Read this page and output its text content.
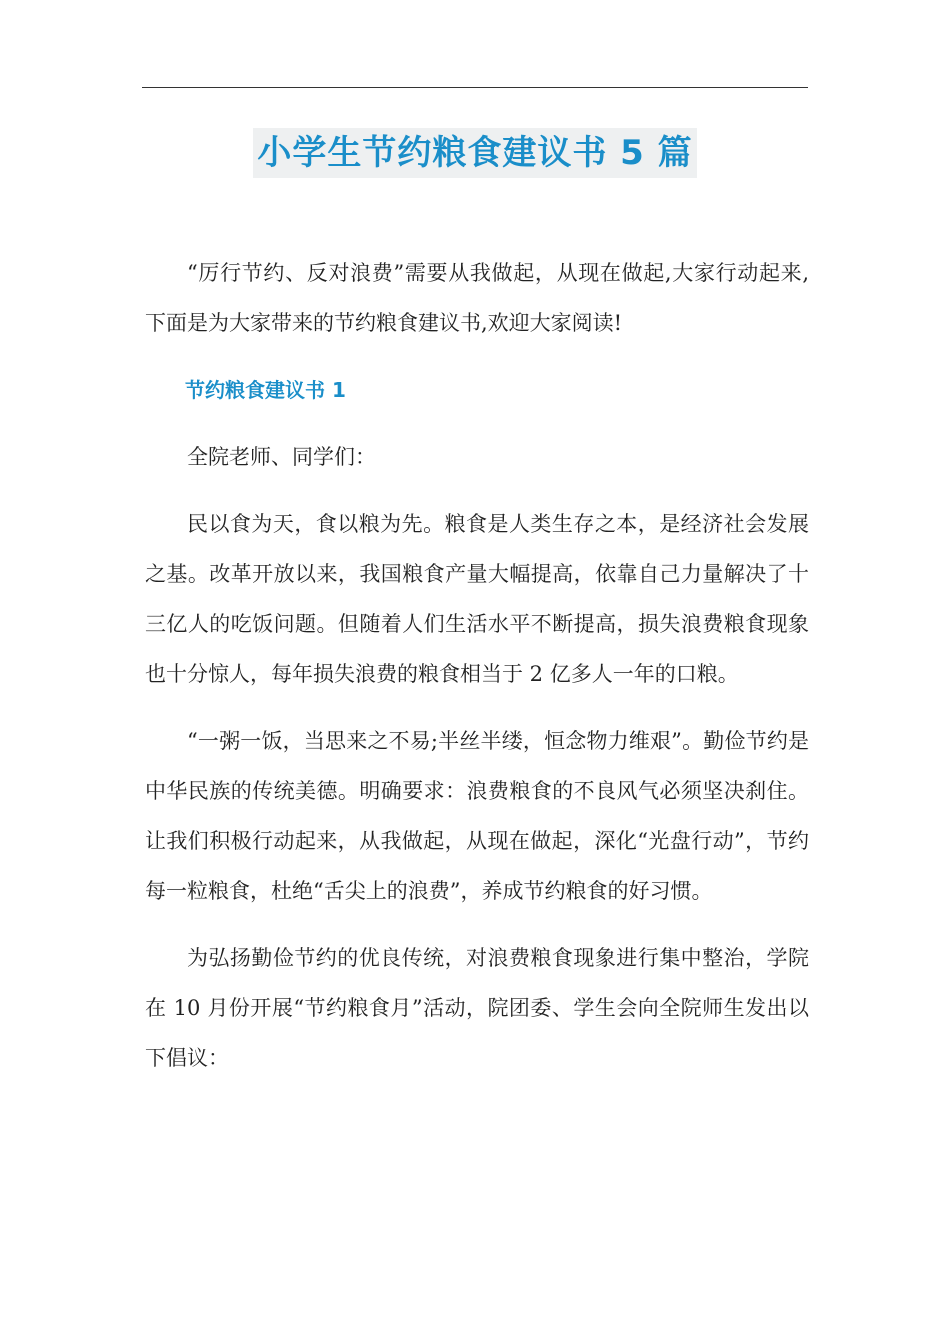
小学生节约粮食建议书 5 篇

“厉行节约、反对浪费”需要从我做起，从现在做起,大家行动起来,下面是为大家带来的节约粮食建议书,欢迎大家阅读!

节约粮食建议书 1

全院老师、同学们：

民以食为天，食以粮为先。粮食是人类生存之本，是经济社会发展之基。改革开放以来，我国粮食产量大幅提高，依靠自己力量解决了十三亿人的吃饭问题。但随着人们生活水平不断提高，损失浪费粮食现象也十分惊人，每年损失浪费的粮食相当于 2 亿多人一年的口粮。

“一粥一饭，当思来之不易;半丝半缕，恒念物力维艰”。勤俭节约是中华民族的传统美德。明确要求：浪费粮食的不良风气必须坚决刹住。让我们积极行动起来，从我做起，从现在做起，深化“光盘行动”，节约每一粒粮食，杜绝“舌尖上的浪费”，养成节约粮食的好习惯。

为弘扬勤俭节约的优良传统，对浪费粮食现象进行集中整治，学院在 10 月份开展“节约粮食月”活动，院团委、学生会向全院师生发出以下倡议：
